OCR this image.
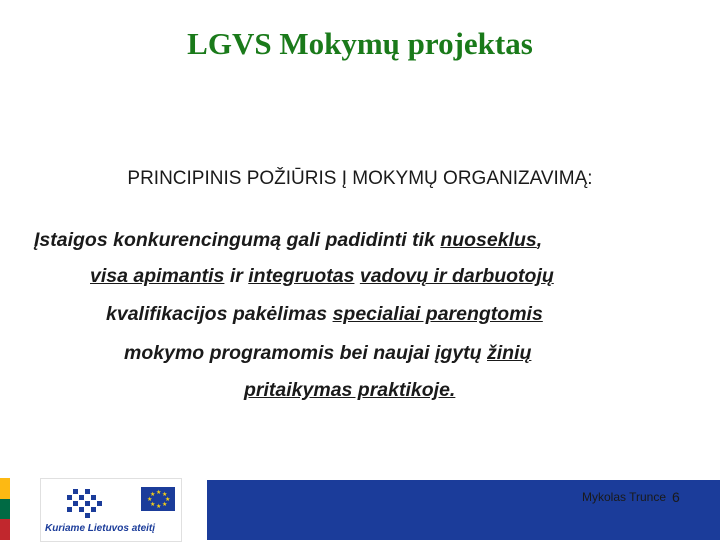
LGVS Mokymų projektas
PRINCIPINIS POŽIŪRIS Į MOKYMŲ ORGANIZAVIMĄ:
Įstaigos konkurencingumą gali padidinti tik nuoseklus,
visa apimantis ir integruotas vadovų ir darbuotojų
kvalifikacijos pakėlimas specialiai parengtomis
mokymo programomis bei naujai įgytų žinių
pritaikymas praktikoje.
★ ★
★
★
★
★
★
★
Kuriame Lietuvos ateitį
Mykolas Trunce 6
